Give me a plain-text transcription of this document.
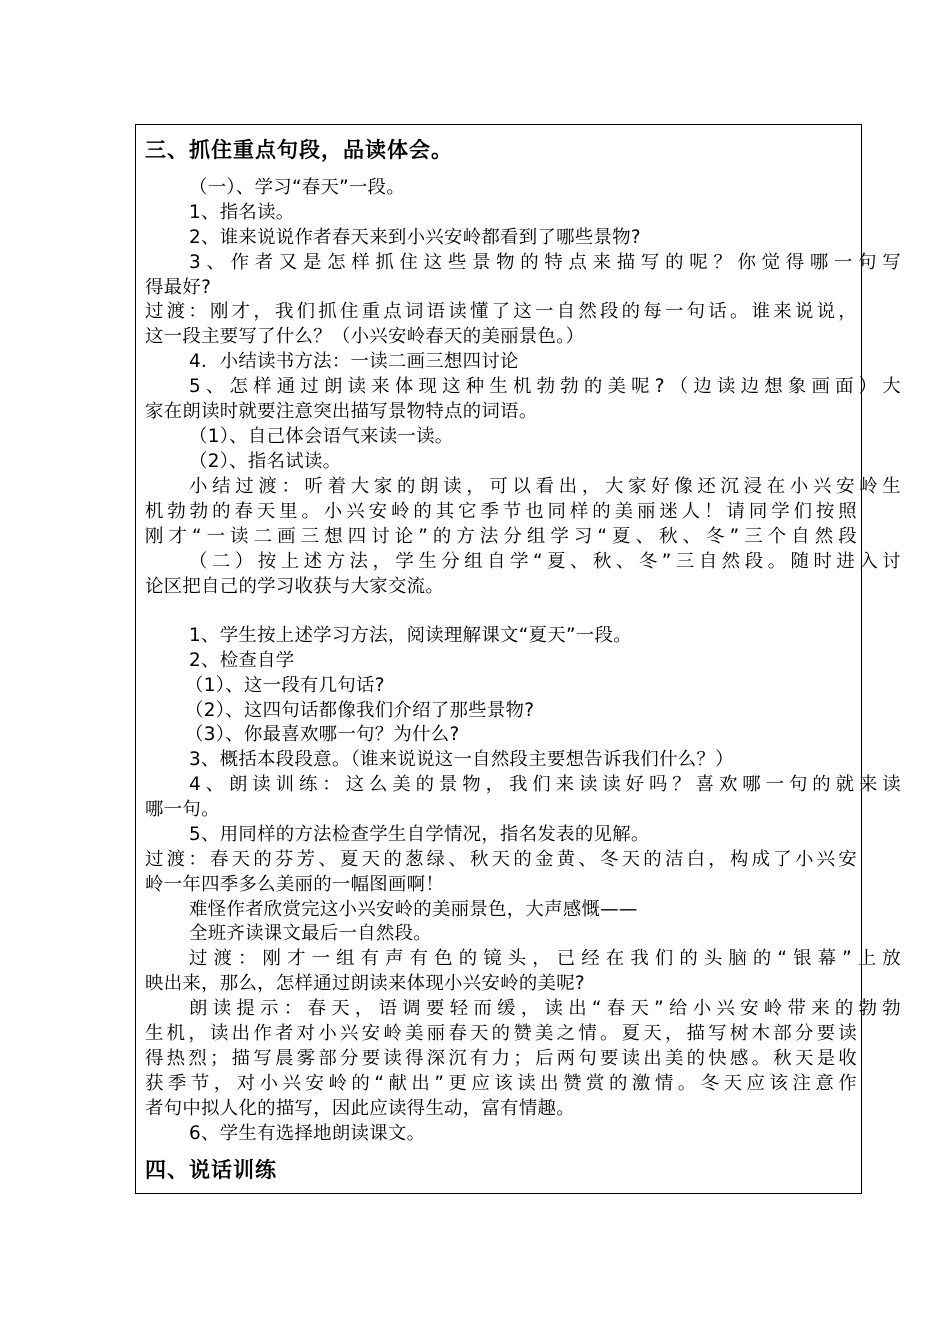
三、抓住重点句段，品读体会。
（一）、学习“春天”一段。
1、指名读。
2、谁来说说作者春天来到小兴安岭都看到了哪些景物?
3、作者又是怎样抓住这些景物的特点来描写的呢？你觉得哪一句写
得最好?
过渡：刚才，我们抓住重点词语读懂了这一自然段的每一句话。谁来说说，
这一段主要写了什么？（小兴安岭春天的美丽景色。）
4．小结读书方法：一读二画三想四讨论
5、怎样通过朗读来体现这种生机勃勃的美呢?（边读边想象画面）大
家在朗读时就要注意突出描写景物特点的词语。
（1）、自己体会语气来读一读。
（2）、指名试读。
小结过渡：听着大家的朗读，可以看出，大家好像还沉浸在小兴安岭生
机勃勃的春天里。小兴安岭的其它季节也同样的美丽迷人！请同学们按照
刚才“一读二画三想四讨论”的方法分组学习“夏、秋、冬”三个自然段
（二）按上述方法，学生分组自学“夏、秋、冬”三自然段。随时进入讨
论区把自己的学习收获与大家交流。
1、学生按上述学习方法，阅读理解课文“夏天”一段。
2、检查自学
（1）、这一段有几句话?
（2）、这四句话都像我们介绍了那些景物?
（3）、你最喜欢哪一句？为什么?
3、概括本段段意。（谁来说说这一自然段主要想告诉我们什么？）
4、朗读训练：这么美的景物，我们来读读好吗？喜欢哪一句的就来读
哪一句。
5、用同样的方法检查学生自学情况，指名发表的见解。
过渡：春天的芬芳、夏天的葱绿、秋天的金黄、冬天的洁白，构成了小兴安
岭一年四季多么美丽的一幅图画啊！
难怪作者欣赏完这小兴安岭的美丽景色，大声感慨——
全班齐读课文最后一自然段。
过渡：刚才一组有声有色的镜头，已经在我们的头脑的“银幕”上放
映出来，那么，怎样通过朗读来体现小兴安岭的美呢?
朗读提示：春天，语调要轻而缓，读出“春天”给小兴安岭带来的勃勃
生机，读出作者对小兴安岭美丽春天的赞美之情。夏天，描写树木部分要读
得热烈；描写晨雾部分要读得深沉有力；后两句要读出美的快感。秋天是收
获季节，对小兴安岭的“献出”更应该读出赞赏的激情。冬天应该注意作
者句中拟人化的描写，因此应读得生动，富有情趣。
6、学生有选择地朗读课文。
四、说话训练
